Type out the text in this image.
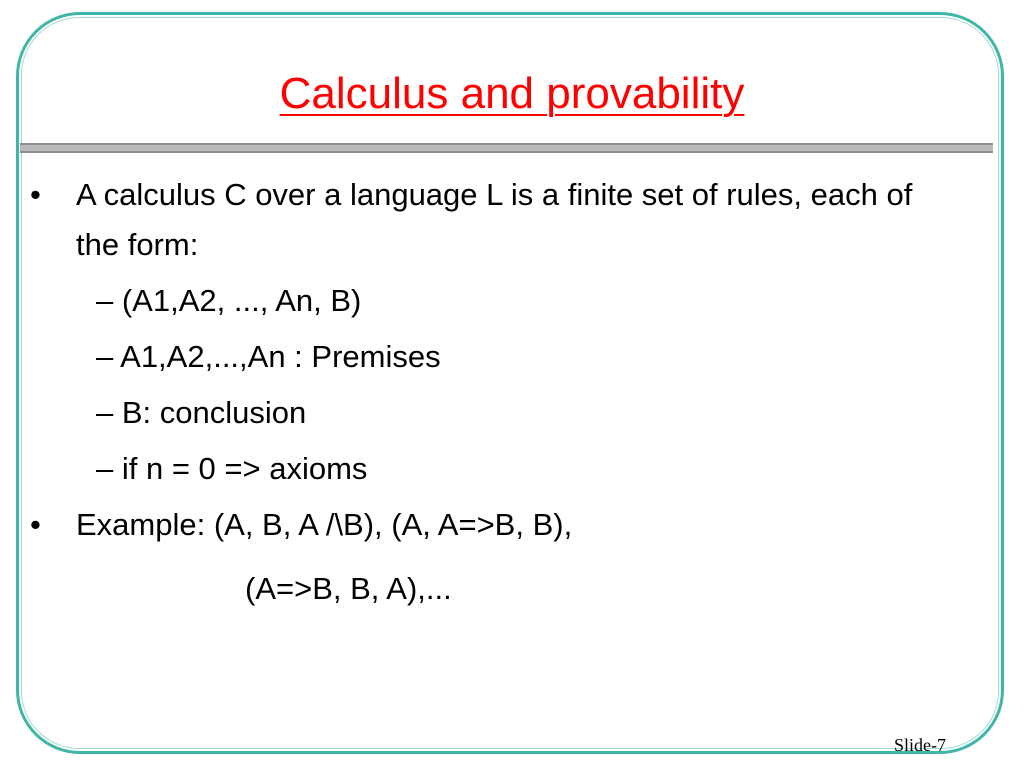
Calculus and provability
• A calculus C over a language L is a finite set of rules, each of the form:
– (A1,A2, ..., An, B)
– A1,A2,...,An : Premises
– B: conclusion
– if n = 0 => axioms
• Example: (A, B, A /\B), (A, A=>B, B),
(A=>B, B, A),...
Slide-7
